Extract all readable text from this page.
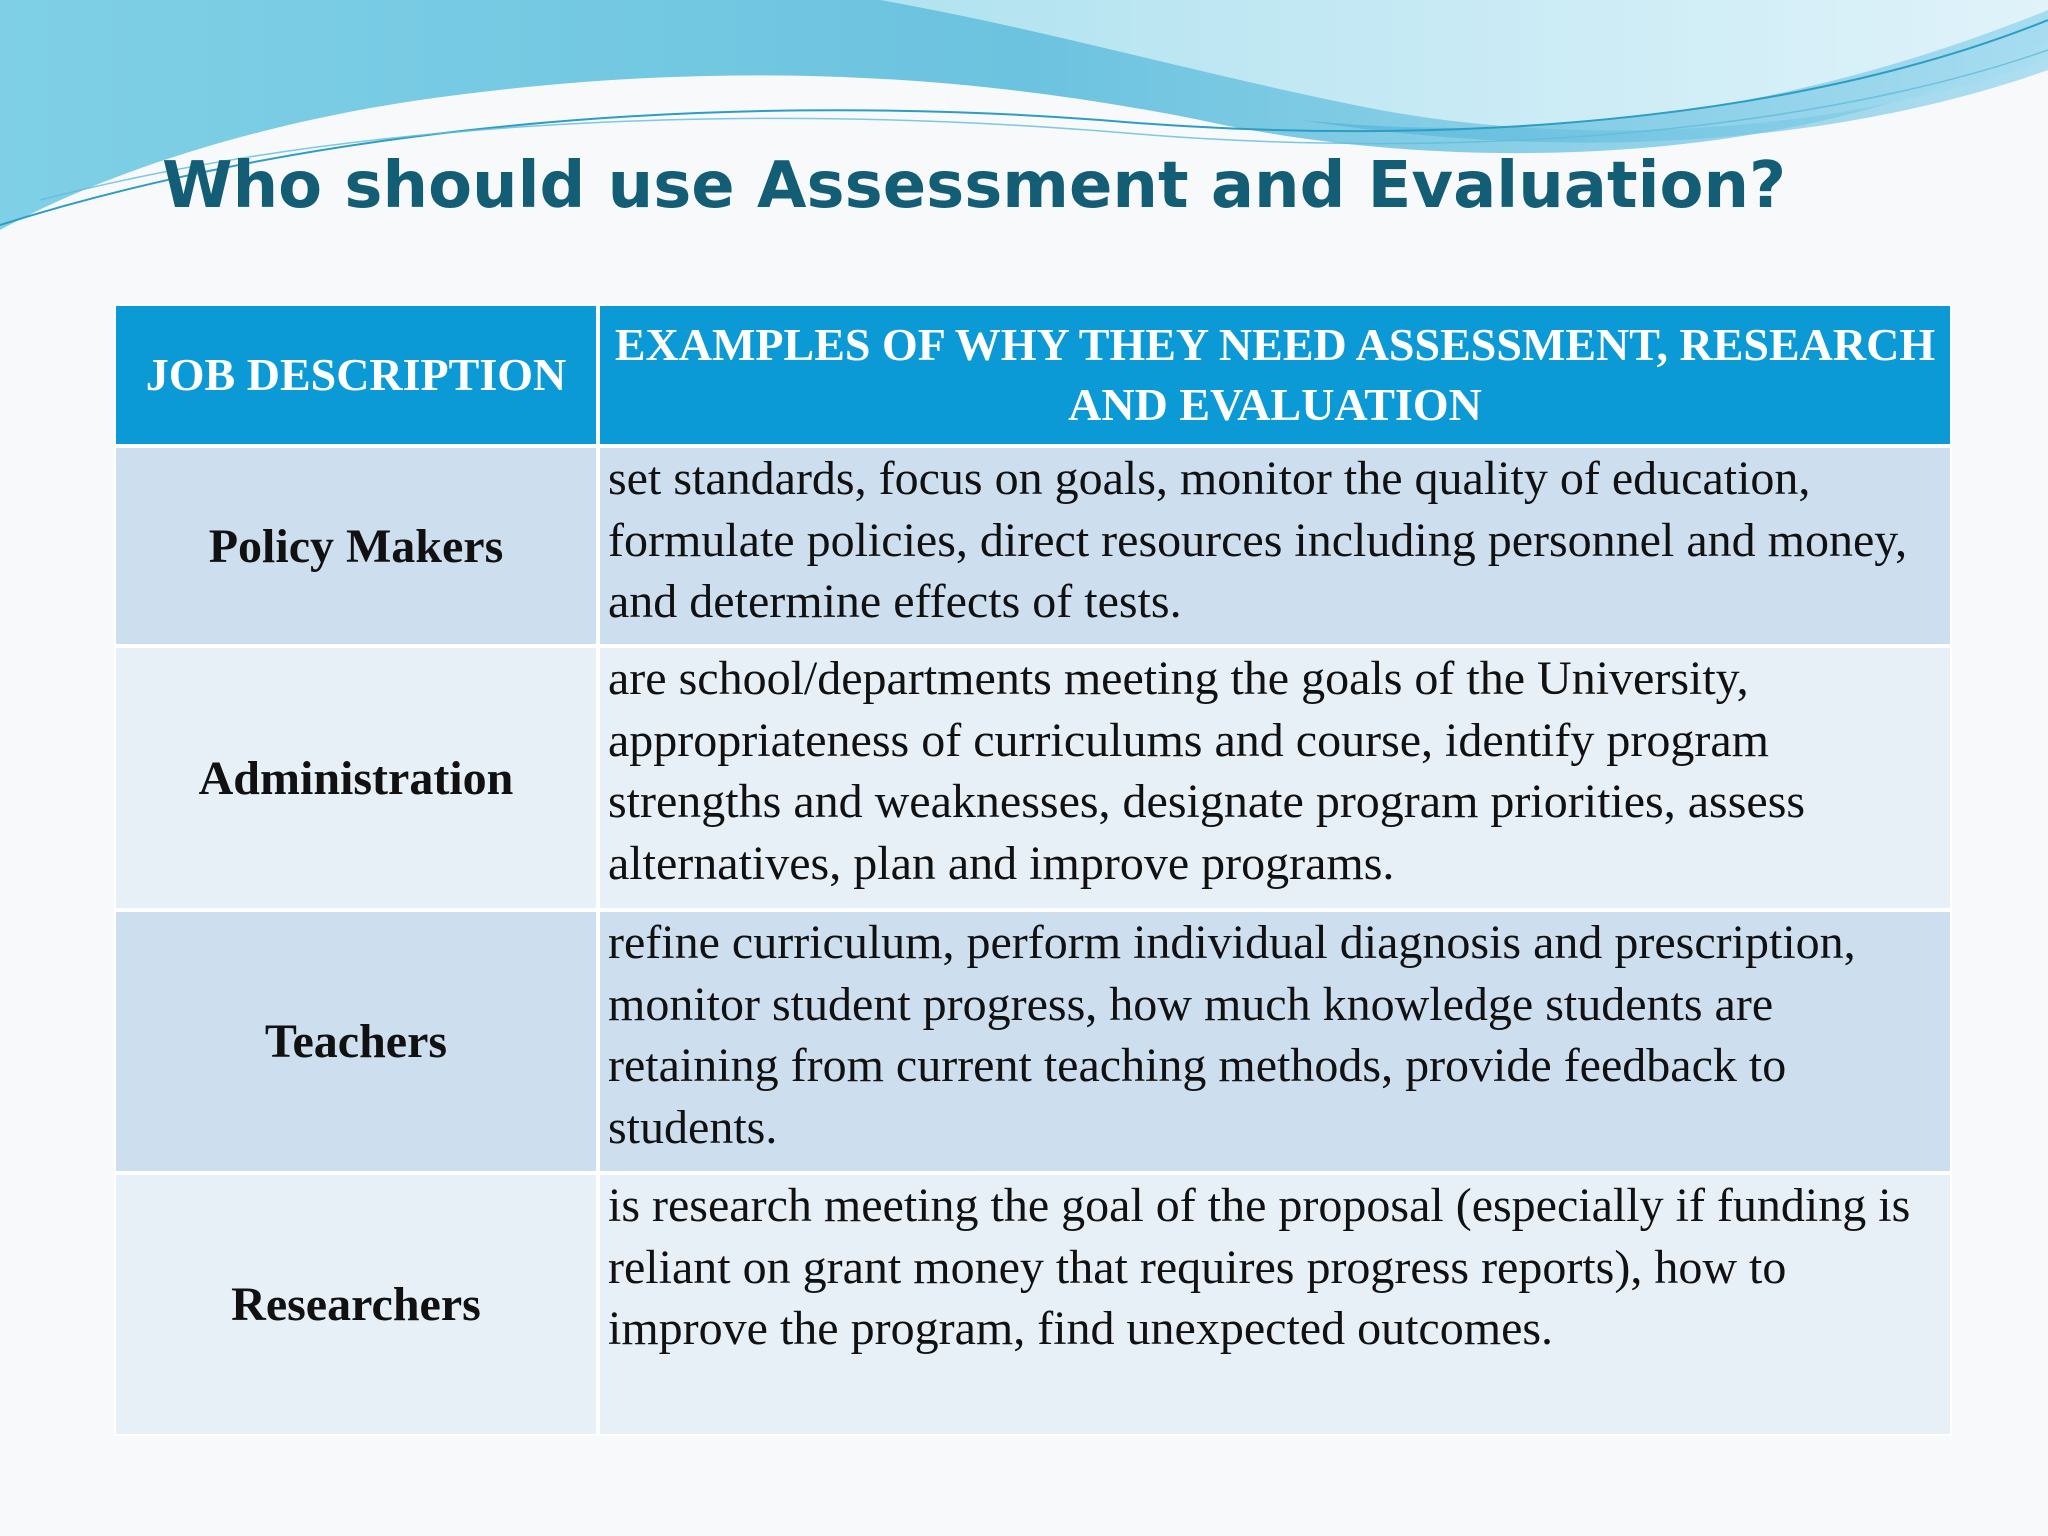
Who should use Assessment and Evaluation?
JOB DESCRIPTION	EXAMPLES OF WHY THEY NEED ASSESSMENT, RESEARCH AND EVALUATION
Policy Makers	set standards, focus on goals, monitor the quality of education, formulate policies, direct resources including personnel and money, and determine effects of tests.
Administration	are school/departments meeting the goals of the University, appropriateness of curriculums and course, identify program strengths and weaknesses, designate program priorities, assess alternatives, plan and improve programs.
Teachers	refine curriculum, perform individual diagnosis and prescription, monitor student progress, how much knowledge students are retaining from current teaching methods, provide feedback to students.
Researchers	is research meeting the goal of the proposal (especially if funding is reliant on grant money that requires progress reports), how to improve the program, find unexpected outcomes.
